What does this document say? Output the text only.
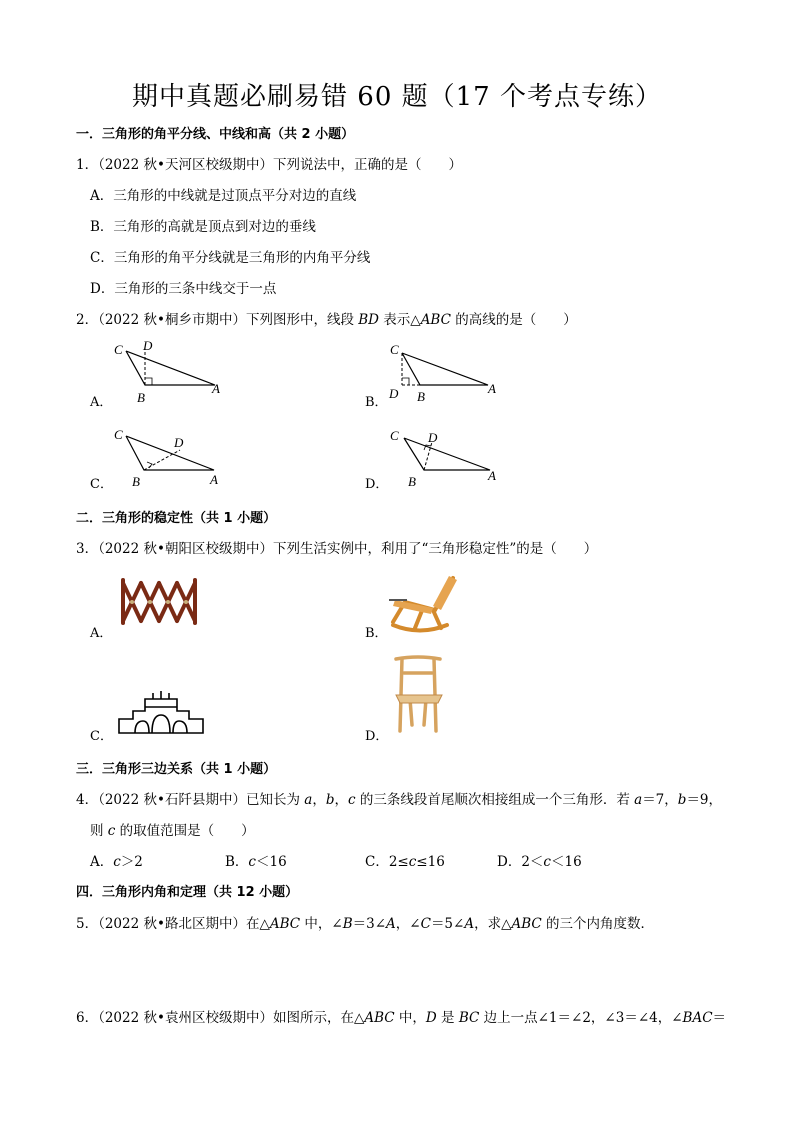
期中真题必刷易错 60 题（17 个考点专练）
一．三角形的角平分线、中线和高（共 2 小题）
1．（2022 秋•天河区校级期中）下列说法中，正确的是（　　）
A．三角形的中线就是过顶点平分对边的直线
B．三角形的高就是顶点到对边的垂线
C．三角形的角平分线就是三角形的内角平分线
D．三角形的三条中线交于一点
2．（2022 秋•桐乡市期中）下列图形中，线段 BD 表示△ABC 的高线的是（　　）
A．
C D
B
A
B．
C
D B
A
C．
C
D
B	A	D．
C D
B	A
二．三角形的稳定性（共 1 小题）
3．（2022 秋•朝阳区校级期中）下列生活实例中，利用了“三角形稳定性”的是（　　）
A．	B．
C．	D．
三．三角形三边关系（共 1 小题）
4．（2022 秋•石阡县期中）已知长为 a，b，c 的三条线段首尾顺次相接组成一个三角形．若 a＝7，b＝9，
则 c 的取值范围是（　　）
A．c＞2	B．c＜16	C．2≤c≤16	D．2＜c＜16
四．三角形内角和定理（共 12 小题）
5．（2022 秋•路北区期中）在△ABC 中，∠B＝3∠A，∠C＝5∠A，求△ABC 的三个内角度数．
6．（2022 秋•袁州区校级期中）如图所示，在△ABC 中，D 是 BC 边上一点∠1＝∠2，∠3＝∠4，∠BAC＝
